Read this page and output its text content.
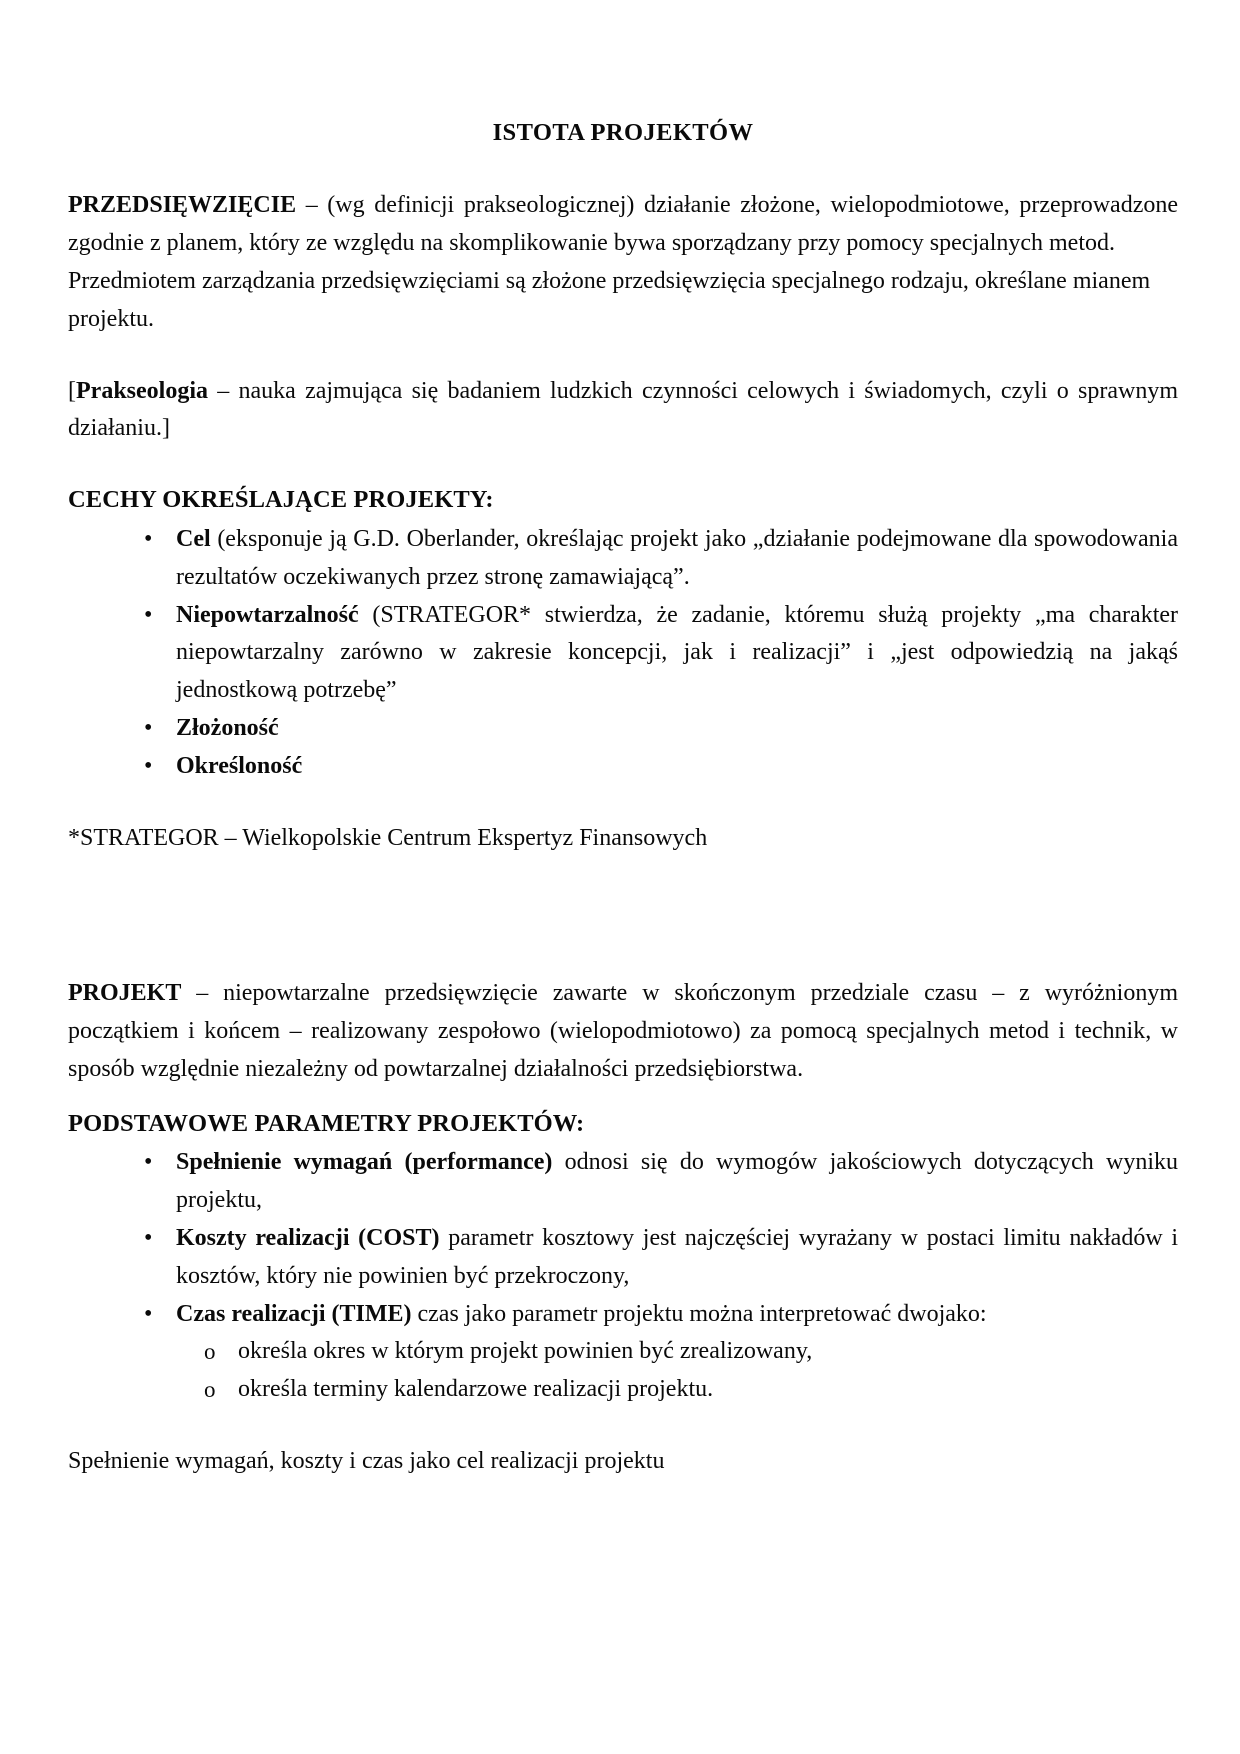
ISTOTA PROJEKTÓW

PRZEDSIĘWZIĘCIE – (wg definicji prakseologicznej) działanie złożone, wielopodmiotowe, przeprowadzone zgodnie z planem, który ze względu na skomplikowanie bywa sporządzany przy pomocy specjalnych metod.

Przedmiotem zarządzania przedsięwzięciami są złożone przedsięwzięcia specjalnego rodzaju, określane mianem projektu.

[Prakseologia – nauka zajmująca się badaniem ludzkich czynności celowych i świadomych, czyli o sprawnym działaniu.]

CECHY OKREŚLAJĄCE PROJEKTY:
• Cel (eksponuje ją G.D. Oberlander, określając projekt jako „działanie podejmowane dla spowodowania rezultatów oczekiwanych przez stronę zamawiającą”.
• Niepowtarzalność (STRATEGOR* stwierdza, że zadanie, któremu służą projekty „ma charakter niepowtarzalny zarówno w zakresie koncepcji, jak i realizacji” i „jest odpowiedzią na jakąś jednostkową potrzebę”
• Złożoność
• Określoność

*STRATEGOR – Wielkopolskie Centrum Ekspertyz Finansowych

PROJEKT – niepowtarzalne przedsięwzięcie zawarte w skończonym przedziale czasu – z wyróżnionym początkiem i końcem – realizowany zespołowo (wielopodmiotowo) za pomocą specjalnych metod i technik, w sposób względnie niezależny od powtarzalnej działalności przedsiębiorstwa.

PODSTAWOWE PARAMETRY PROJEKTÓW:
• Spełnienie wymagań (performance) odnosi się do wymogów jakościowych dotyczących wyniku projektu,
• Koszty realizacji (COST) parametr kosztowy jest najczęściej wyrażany w postaci limitu nakładów i kosztów, który nie powinien być przekroczony,
• Czas realizacji (TIME) czas jako parametr projektu można interpretować dwojako:
o określa okres w którym projekt powinien być zrealizowany,
o określa terminy kalendarzowe realizacji projektu.

Spełnienie wymagań, koszty i czas jako cel realizacji projektu
